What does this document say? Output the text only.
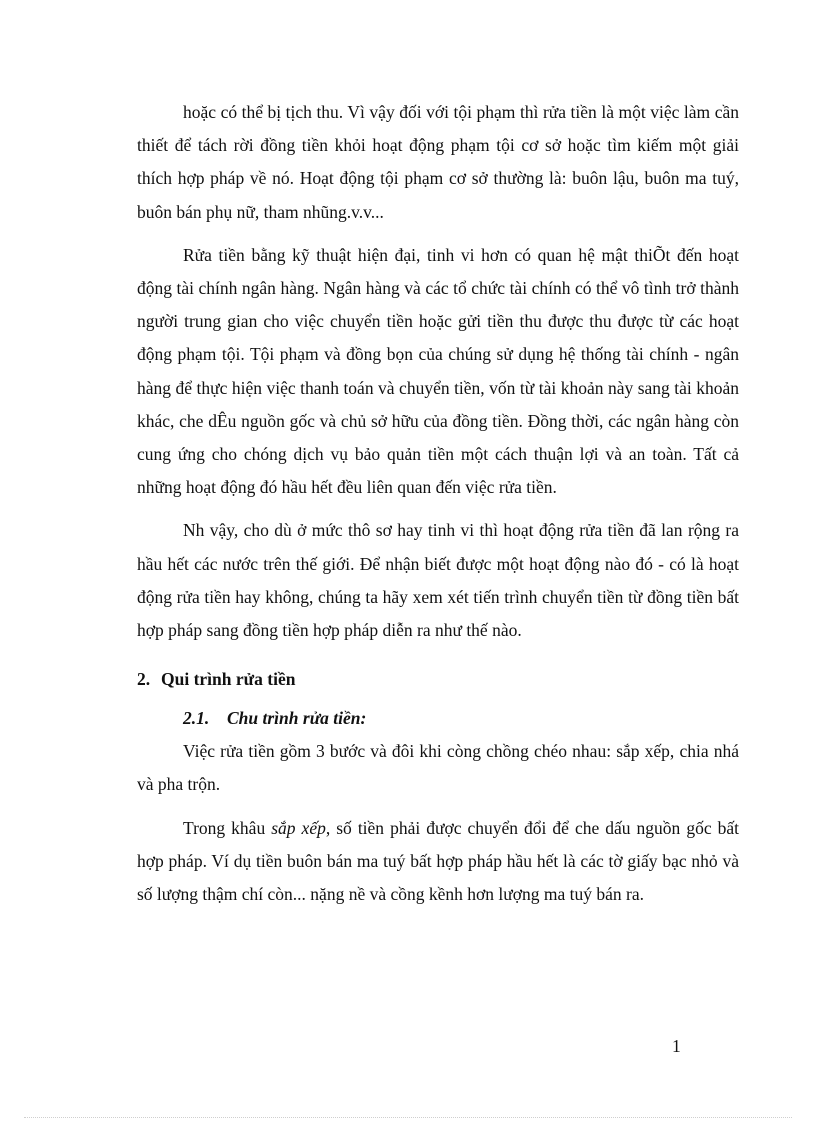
hoặc có thể bị tịch thu. Vì vậy đối với tội phạm thì rửa tiền là một việc làm cần thiết để tách rời đồng tiền khỏi hoạt động phạm tội cơ sở hoặc tìm kiếm một giải thích hợp pháp về nó. Hoạt động tội phạm cơ sở thường là: buôn lậu, buôn ma tuý, buôn bán phụ nữ, tham nhũng.v.v...

Rửa tiền bằng kỹ thuật hiện đại, tinh vi hơn có quan hệ mật thiÕt đến hoạt động tài chính ngân hàng. Ngân hàng và các tổ chức tài chính có thể vô tình trở thành người trung gian cho việc chuyển tiền hoặc gửi tiền thu được thu được từ các hoạt động phạm tội. Tội phạm và đồng bọn của chúng sử dụng hệ thống tài chính - ngân hàng để thực hiện việc thanh toán và chuyển tiền, vốn từ tài khoản này sang tài khoản khác, che dÊu nguồn gốc và chủ sở hữu của đồng tiền. Đồng thời, các ngân hàng còn cung ứng cho chóng dịch vụ bảo quản tiền một cách thuận lợi và an toàn. Tất cả những hoạt động đó hầu hết đều liên quan đến việc rửa tiền.

Nh vậy, cho dù ở mức thô sơ hay tinh vi thì hoạt động rửa tiền đã lan rộng ra hầu hết các nước trên thế giới. Để nhận biết được một hoạt động nào đó - có là hoạt động rửa tiền hay không, chúng ta hãy xem xét tiến trình chuyển tiền từ đồng tiền bất hợp pháp sang đồng tiền hợp pháp diễn ra như thế nào.

2. Qui trình rửa tiền
2.1. Chu trình rửa tiền:

Việc rửa tiền gồm 3 bước và đôi khi còng chồng chéo nhau: sắp xếp, chia nhá và pha trộn.

Trong khâu sắp xếp, số tiền phải được chuyển đổi để che dấu nguồn gốc bất hợp pháp. Ví dụ tiền buôn bán ma tuý bất hợp pháp hầu hết là các tờ giấy bạc nhỏ và số lượng thậm chí còn... nặng nề và cồng kềnh hơn lượng ma tuý bán ra.

1
